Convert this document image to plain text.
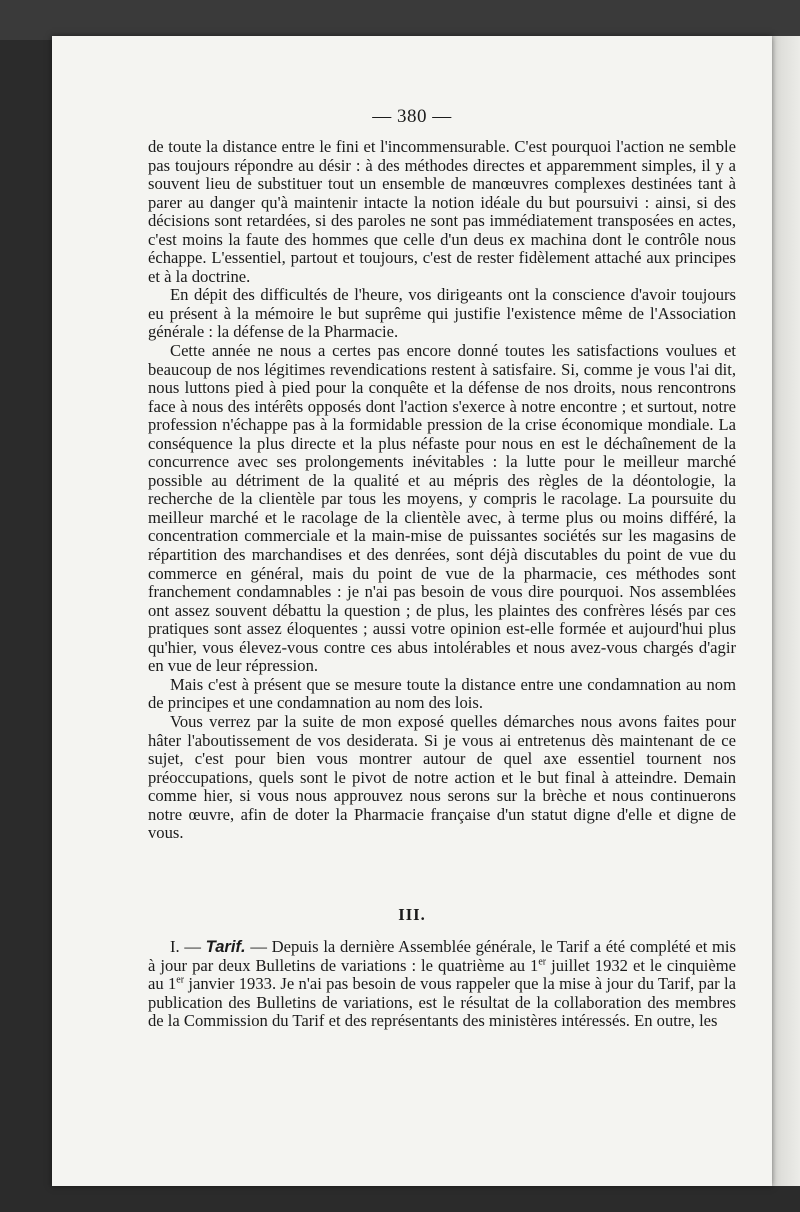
— 380 —

de toute la distance entre le fini et l'incommensurable. C'est pourquoi l'action ne semble pas toujours répondre au désir : à des méthodes directes et apparemment simples, il y a souvent lieu de substituer tout un ensemble de manœuvres complexes destinées tant à parer au danger qu'à maintenir intacte la notion idéale du but poursuivi : ainsi, si des décisions sont retardées, si des paroles ne sont pas immédiatement transposées en actes, c'est moins la faute des hommes que celle d'un deus ex machina dont le contrôle nous échappe. L'essentiel, partout et toujours, c'est de rester fidèlement attaché aux principes et à la doctrine.

En dépit des difficultés de l'heure, vos dirigeants ont la conscience d'avoir toujours eu présent à la mémoire le but suprême qui justifie l'existence même de l'Association générale : la défense de la Pharmacie.

Cette année ne nous a certes pas encore donné toutes les satisfactions voulues et beaucoup de nos légitimes revendications restent à satisfaire. Si, comme je vous l'ai dit, nous luttons pied à pied pour la conquête et la défense de nos droits, nous rencontrons face à nous des intérêts opposés dont l'action s'exerce à notre encontre ; et surtout, notre profession n'échappe pas à la formidable pression de la crise économique mondiale. La conséquence la plus directe et la plus néfaste pour nous en est le déchaînement de la concurrence avec ses prolongements inévitables : la lutte pour le meilleur marché possible au détriment de la qualité et au mépris des règles de la déontologie, la recherche de la clientèle par tous les moyens, y compris le racolage. La poursuite du meilleur marché et le racolage de la clientèle avec, à terme plus ou moins différé, la concentration commerciale et la main-mise de puissantes sociétés sur les magasins de répartition des marchandises et des denrées, sont déjà discutables du point de vue du commerce en général, mais du point de vue de la pharmacie, ces méthodes sont franchement condamnables : je n'ai pas besoin de vous dire pourquoi. Nos assemblées ont assez souvent débattu la question ; de plus, les plaintes des confrères lésés par ces pratiques sont assez éloquentes ; aussi votre opinion est-elle formée et aujourd'hui plus qu'hier, vous élevez-vous contre ces abus intolérables et nous avez-vous chargés d'agir en vue de leur répression.

Mais c'est à présent que se mesure toute la distance entre une condamnation au nom de principes et une condamnation au nom des lois.

Vous verrez par la suite de mon exposé quelles démarches nous avons faites pour hâter l'aboutissement de vos desiderata. Si je vous ai entretenus dès maintenant de ce sujet, c'est pour bien vous montrer autour de quel axe essentiel tournent nos préoccupations, quels sont le pivot de notre action et le but final à atteindre. Demain comme hier, si vous nous approuvez nous serons sur la brèche et nous continuerons notre œuvre, afin de doter la Pharmacie française d'un statut digne d'elle et digne de vous.

III.

I. — Tarif. — Depuis la dernière Assemblée générale, le Tarif a été complété et mis à jour par deux Bulletins de variations : le quatrième au 1er juillet 1932 et le cinquième au 1er janvier 1933. Je n'ai pas besoin de vous rappeler que la mise à jour du Tarif, par la publication des Bulletins de variations, est le résultat de la collaboration des membres de la Commission du Tarif et des représentants des ministères intéressés. En outre, les
